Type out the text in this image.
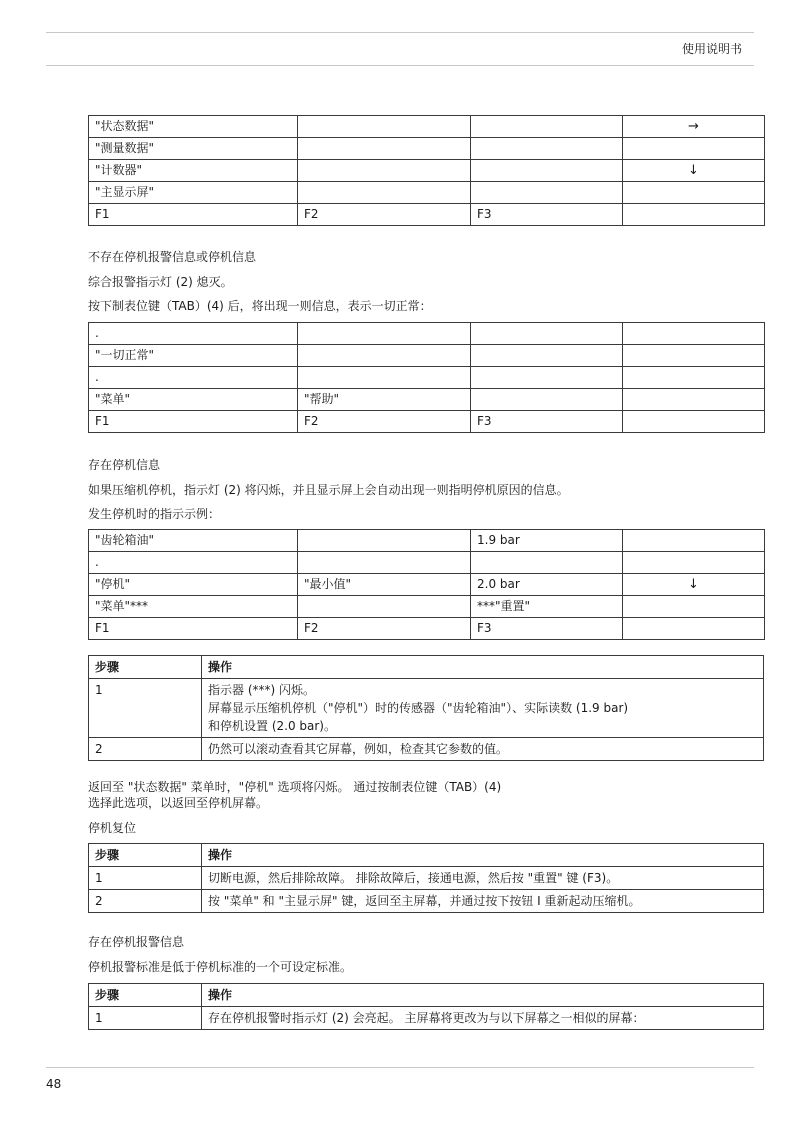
使用说明书
"状态数据"			→
"测量数据"			
"计数器"			↓
"主显示屏"			
F1	F2	F3	
不存在停机报警信息或停机信息
综合报警指示灯 (2) 熄灭。
按下制表位键（TAB）(4) 后，将出现一则信息，表示一切正常：
.			
"一切正常"			
.			
"菜单"	"帮助"		
F1	F2	F3	
存在停机信息
如果压缩机停机，指示灯 (2) 将闪烁，并且显示屏上会自动出现一则指明停机原因的信息。
发生停机时的指示示例：
"齿轮箱油"		1.9 bar	
.			
"停机"	"最小值"	2.0 bar	↓
"菜单"***		***"重置"	
F1	F2	F3	
步骤	操作
1	指示器 (***) 闪烁。
屏幕显示压缩机停机（"停机"）时的传感器（"齿轮箱油"）、实际读数 (1.9 bar)
和停机设置 (2.0 bar)。

2	仍然可以滚动查看其它屏幕，例如，检查其它参数的值。
返回至 "状态数据" 菜单时，"停机" 选项将闪烁。 通过按制表位键（TAB）(4)
选择此选项，以返回至停机屏幕。
停机复位
步骤	操作
1	切断电源，然后排除故障。 排除故障后，接通电源，然后按 "重置" 键 (F3)。

2	按 "菜单" 和 "主显示屏" 键，返回至主屏幕，并通过按下按钮 I 重新起动压缩机。
存在停机报警信息
停机报警标准是低于停机标准的一个可设定标准。
步骤	操作
1	存在停机报警时指示灯 (2) 会亮起。 主屏幕将更改为与以下屏幕之一相似的屏幕：
48
